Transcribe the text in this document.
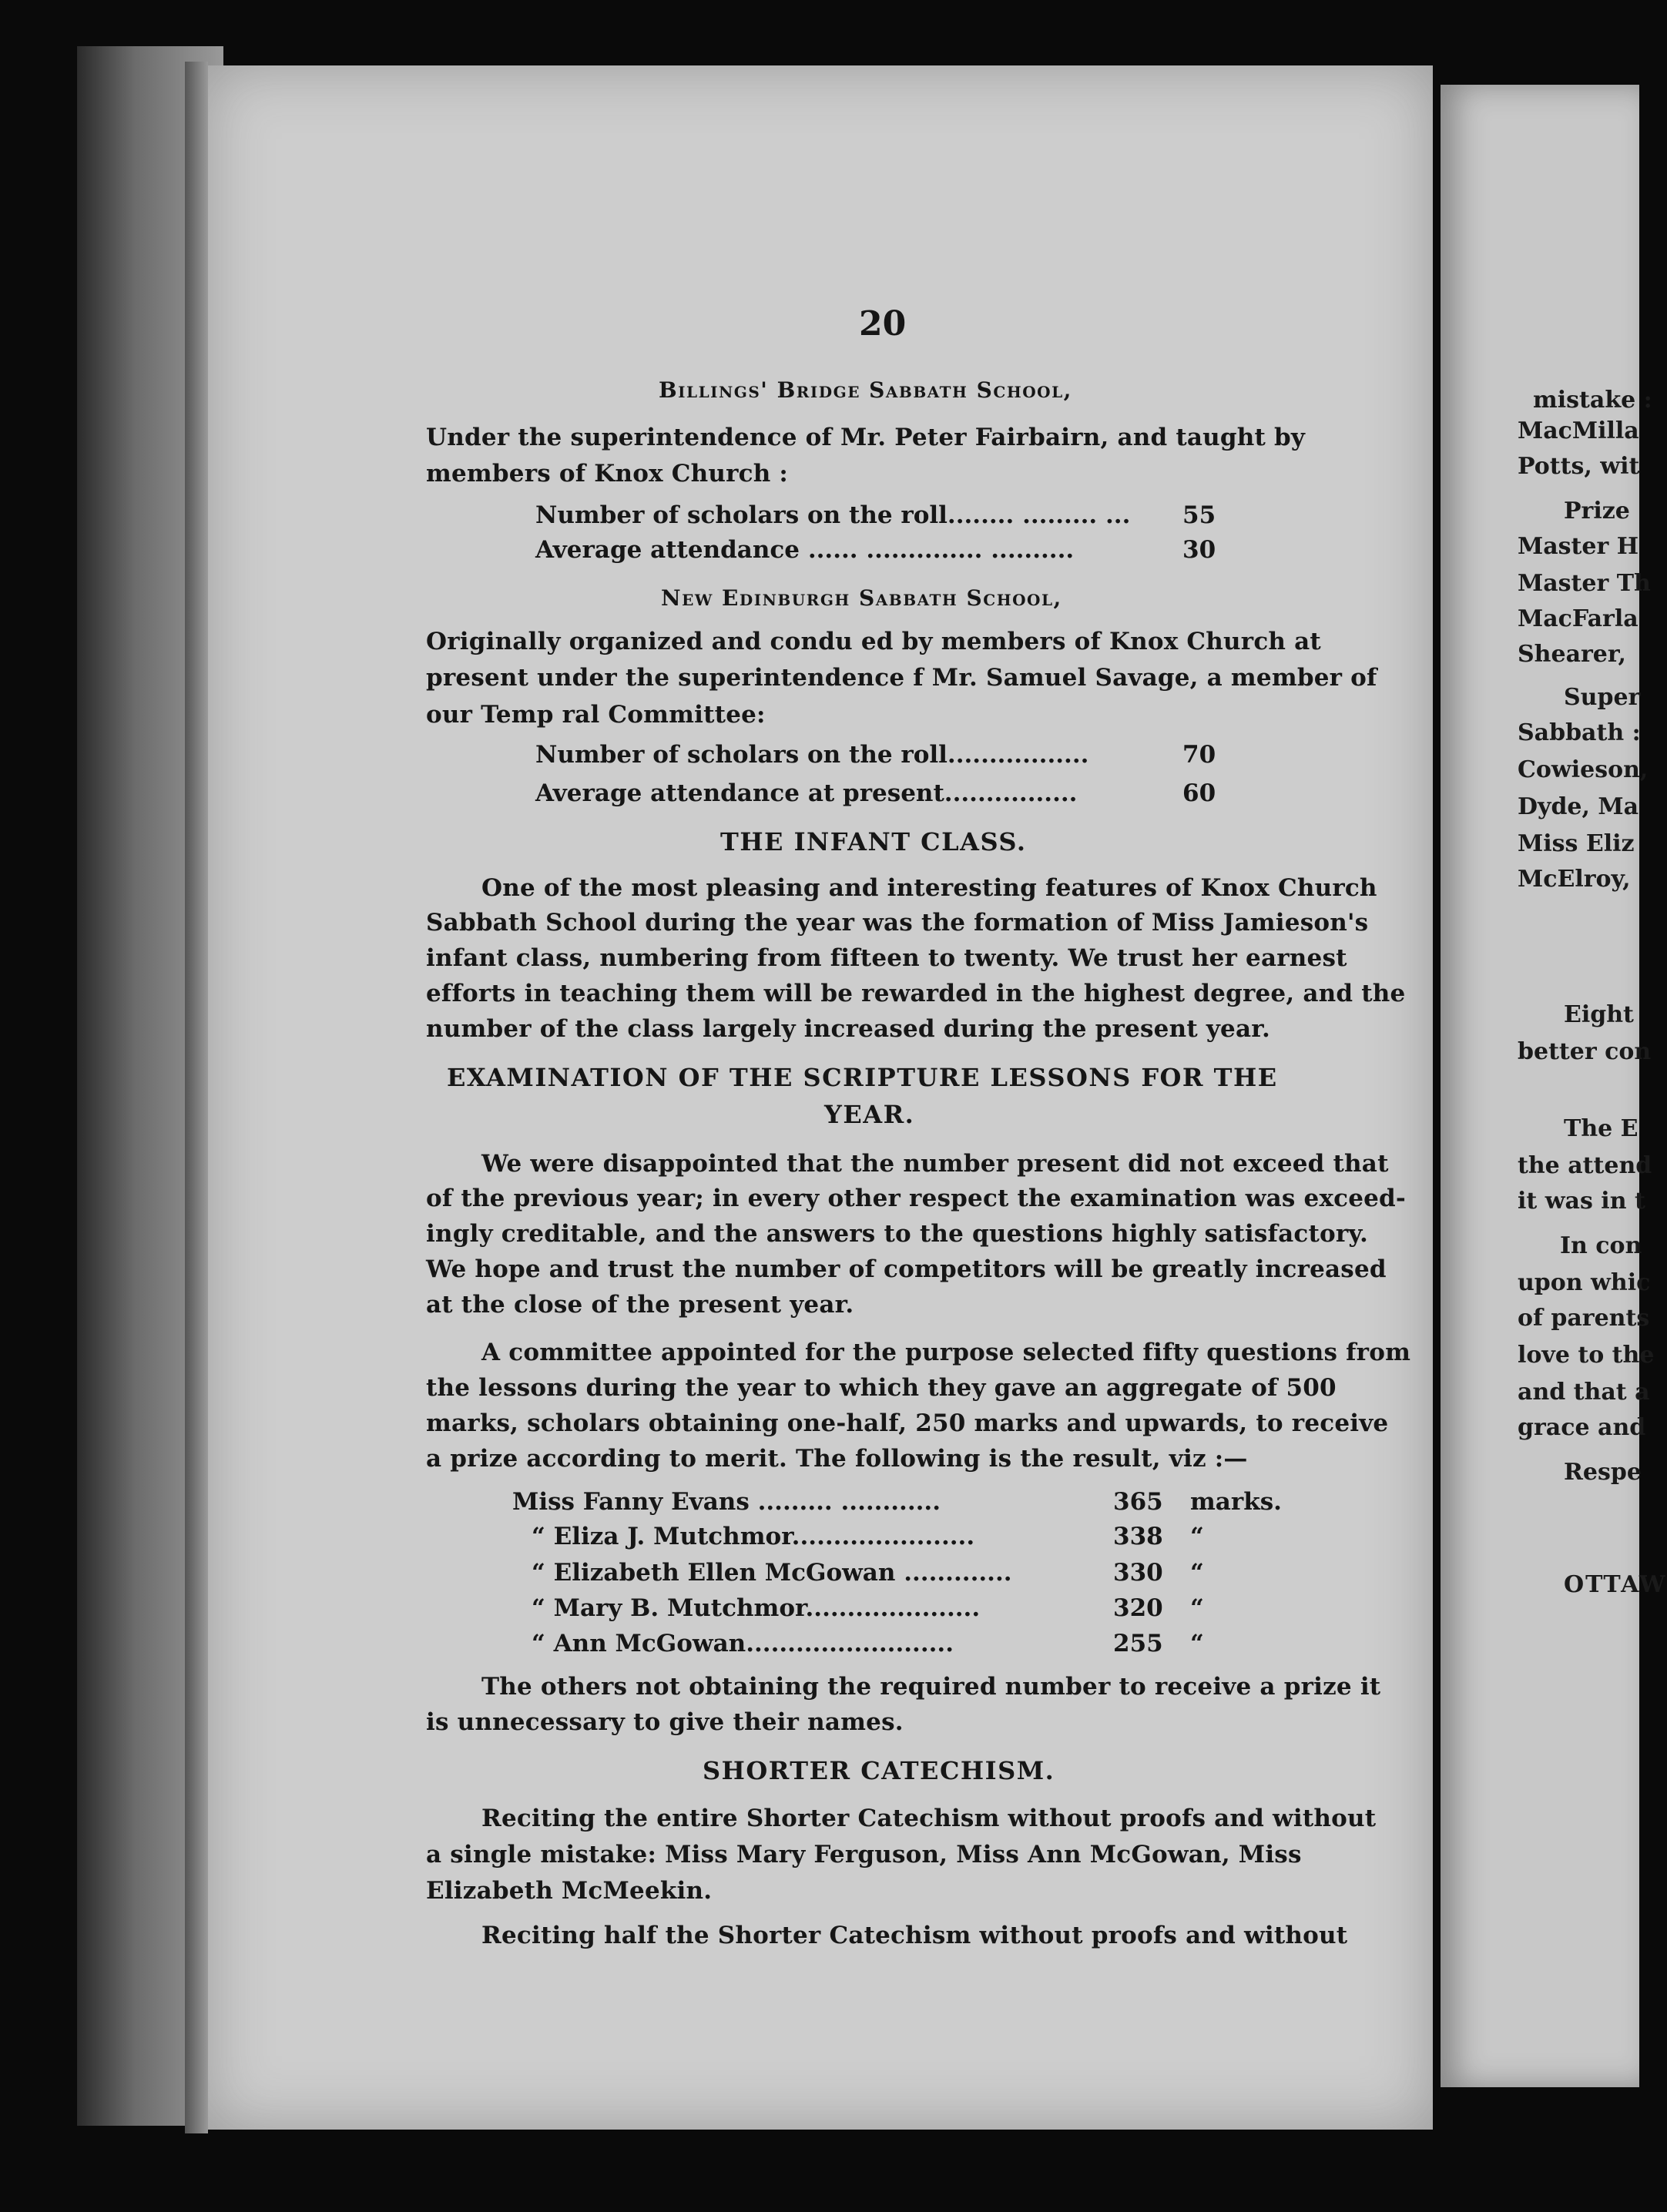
mistake :
MacMilla
Potts, wit
Prize
Master H
Master Th
MacFarla
Shearer,
Super
Sabbath :
Cowieson,
Dyde, Ma
Miss Eliz
McElroy,
Eight
better con
The E
the attend
it was in t
In con
upon whic
of parents
love to the
and that a
grace and
Respe
OTTAW
20
Billings' Bridge Sabbath School,
Under the superintendence of Mr. Peter Fairbairn, and taught by
members of Knox Church :
Number of scholars on the roll........ ......... ... 55
Average attendance ...... .............. ..........	30
New Edinburgh Sabbath School,
Originally organized and condu ed by members of Knox Church at
present under the superintendence f Mr. Samuel Savage, a member of
our Temp ral Committee:
Number of scholars on the roll.................	70
Average attendance at present................	60
THE INFANT CLASS.
One of the most pleasing and interesting features of Knox Church
Sabbath School during the year was the formation of Miss Jamieson's
infant class, numbering from fifteen to twenty. We trust her earnest
efforts in teaching them will be rewarded in the highest degree, and the
number of the class largely increased during the present year.
EXAMINATION OF THE SCRIPTURE LESSONS FOR THE
YEAR.
We were disappointed that the number present did not exceed that
of the previous year; in every other respect the examination was exceed-
ingly creditable, and the answers to the questions highly satisfactory.
We hope and trust the number of competitors will be greatly increased
at the close of the present year.
A committee appointed for the purpose selected fifty questions from
the lessons during the year to which they gave an aggregate of 500
marks, scholars obtaining one-half, 250 marks and upwards, to receive
a prize according to merit. The following is the result, viz :—
Miss Fanny Evans ......... ............	365 marks.
“ Eliza J. Mutchmor......................	338 “
“ Elizabeth Ellen McGowan .............	330 “
“ Mary B. Mutchmor.....................	320 “
“ Ann McGowan.........................	255 “
The others not obtaining the required number to receive a prize it
is unnecessary to give their names.
SHORTER CATECHISM.
Reciting the entire Shorter Catechism without proofs and without
a single mistake: Miss Mary Ferguson, Miss Ann McGowan, Miss
Elizabeth McMeekin.
Reciting half the Shorter Catechism without proofs and without
